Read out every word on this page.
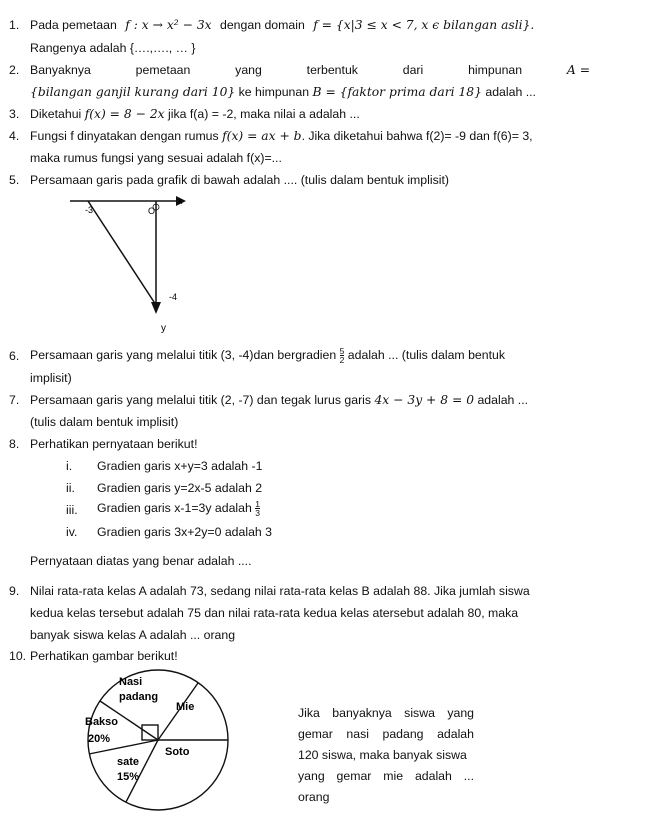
1. Pada pemetaan f : x → x² − 3x dengan domain f = {x|3 ≤ x < 7, x ϵ bilangan asli}.
Rangenya adalah {….,…., … }
2. Banyaknya	pemetaan	yang	terbentuk	dari	himpunan	A =
{bilangan ganjil kurang dari 10} ke himpunan B = {faktor prima dari 18} adalah ...
3. Diketahui f(x) = 8 − 2x jika f(a) = -2, maka nilai a adalah ...
4. Fungsi f dinyatakan dengan rumus f(x) = ax + b. Jika diketahui bahwa f(2)= -9 dan f(6)= 3,
maka rumus fungsi yang sesuai adalah f(x)=...
5. Persamaan garis pada grafik di bawah adalah .... (tulis dalam bentuk implisit)
x
O
-3
-4
y
6. Persamaan garis yang melalui titik (3, -4)dan bergradien $\frac{5}{2}$ adalah ... (tulis dalam bentuk
implisit)
7. Persamaan garis yang melalui titik (2, -7) dan tegak lurus garis 4x − 3y + 8 = 0 adalah ...
(tulis dalam bentuk implisit)
8. Perhatikan pernyataan berikut!
i. Gradien garis x+y=3 adalah -1
ii. Gradien garis y=2x-5 adalah 2
iii. Gradien garis x-1=3y adalah $\frac{1}{3}$
iv. Gradien garis 3x+2y=0 adalah 3
Pernyataan diatas yang benar adalah ....
9. Nilai rata-rata kelas A adalah 73, sedang nilai rata-rata kelas B adalah 88. Jika jumlah siswa
kedua kelas tersebut adalah 75 dan nilai rata-rata kedua kelas atersebut adalah 80, maka
banyak siswa kelas A adalah ... orang
10. Perhatikan gambar berikut!
Nasi
padang
Mie
Bakso
20%
Soto
sate
15%
Jika banyaknya siswa yang
gemar nasi padang adalah
120 siswa, maka banyak siswa
yang gemar mie adalah ...
orang
